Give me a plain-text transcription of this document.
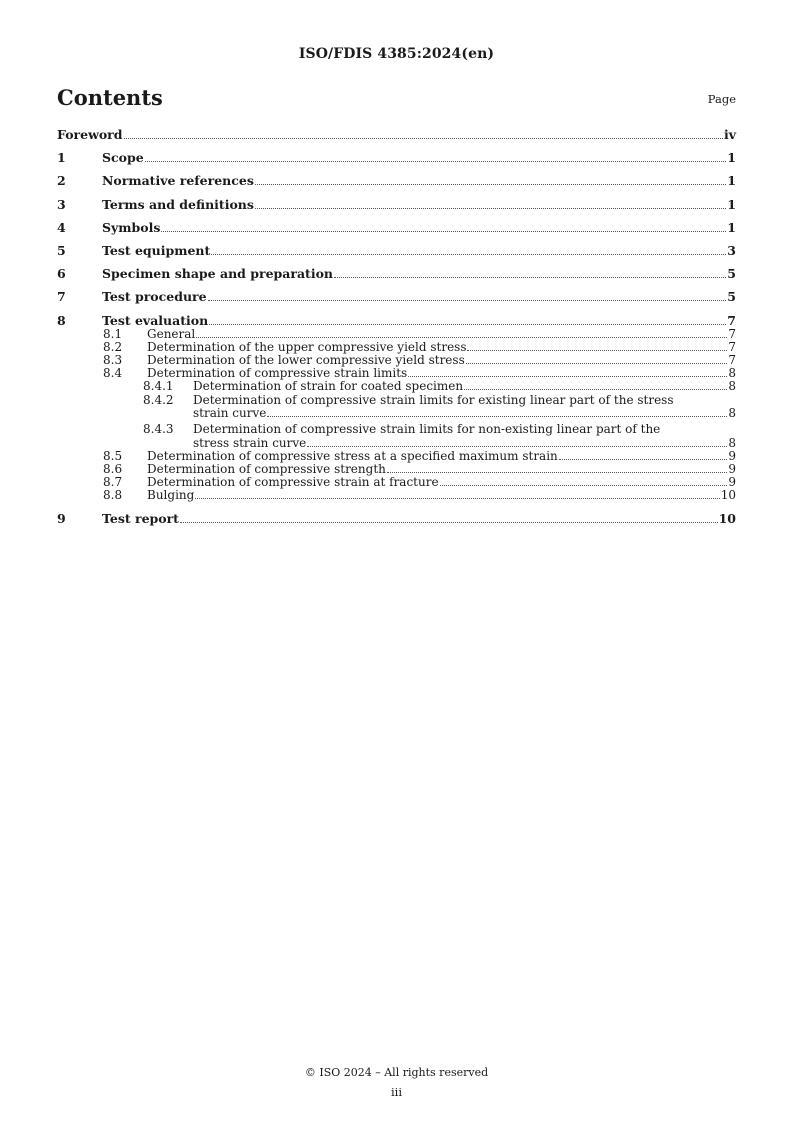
ISO/FDIS 4385:2024(en)
Contents	Page
Foreword	iv
1	Scope	1
2	Normative references	1
3	Terms and definitions	1
4	Symbols	1
5	Test equipment	3
6	Specimen shape and preparation	5
7	Test procedure	5
8	Test evaluation	7
8.1 General	7
8.2 Determination of the upper compressive yield stress	7
8.3 Determination of the lower compressive yield stress	7
8.4 Determination of compressive strain limits	8
8.4.1 Determination of strain for coated specimen	8
8.4.2 Determination of compressive strain limits for existing linear part of the stress
strain curve	8
8.4.3 Determination of compressive strain limits for non-existing linear part of the
stress strain curve	8
8.5 Determination of compressive stress at a specified maximum strain	9
8.6 Determination of compressive strength	9
8.7 Determination of compressive strain at fracture	9
8.8 Bulging	10
9	Test report	10
© ISO 2024 – All rights reserved
iii
